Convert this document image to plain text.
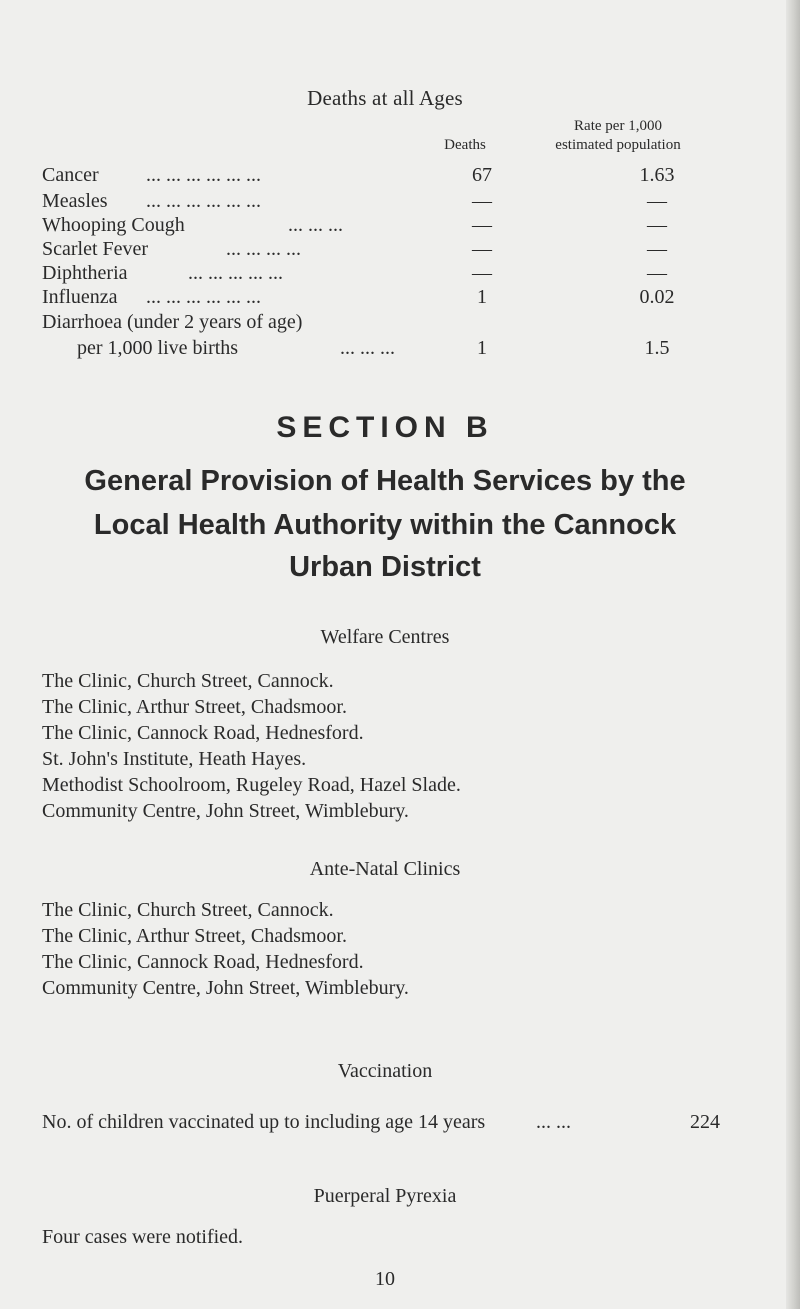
Deaths at all Ages
Deaths
Rate per 1,000
estimated population
Cancer ... ... ... ... ... ...	67	1.63
Measles ... ... ... ... ... ...	—	—
Whooping Cough	... ... ...	—	—
Scarlet Fever	... ... ... ...	—	—
Diphtheria	... ... ... ... ...	—	—
Influenza ... ... ... ... ... ...	1	0.02
Diarrhoea (under 2 years of age)
per 1,000 live births	... ... ...	1	1.5
SECTION B
General Provision of Health Services by the
Local Health Authority within the Cannock
Urban District
Welfare Centres
The Clinic, Church Street, Cannock.
The Clinic, Arthur Street, Chadsmoor.
The Clinic, Cannock Road, Hednesford.
St. John's Institute, Heath Hayes.
Methodist Schoolroom, Rugeley Road, Hazel Slade.
Community Centre, John Street, Wimblebury.
Ante-Natal Clinics
The Clinic, Church Street, Cannock.
The Clinic, Arthur Street, Chadsmoor.
The Clinic, Cannock Road, Hednesford.
Community Centre, John Street, Wimblebury.
Vaccination
No. of children vaccinated up to including age 14 years	... ...	224
Puerperal Pyrexia
Four cases were notified.
10
